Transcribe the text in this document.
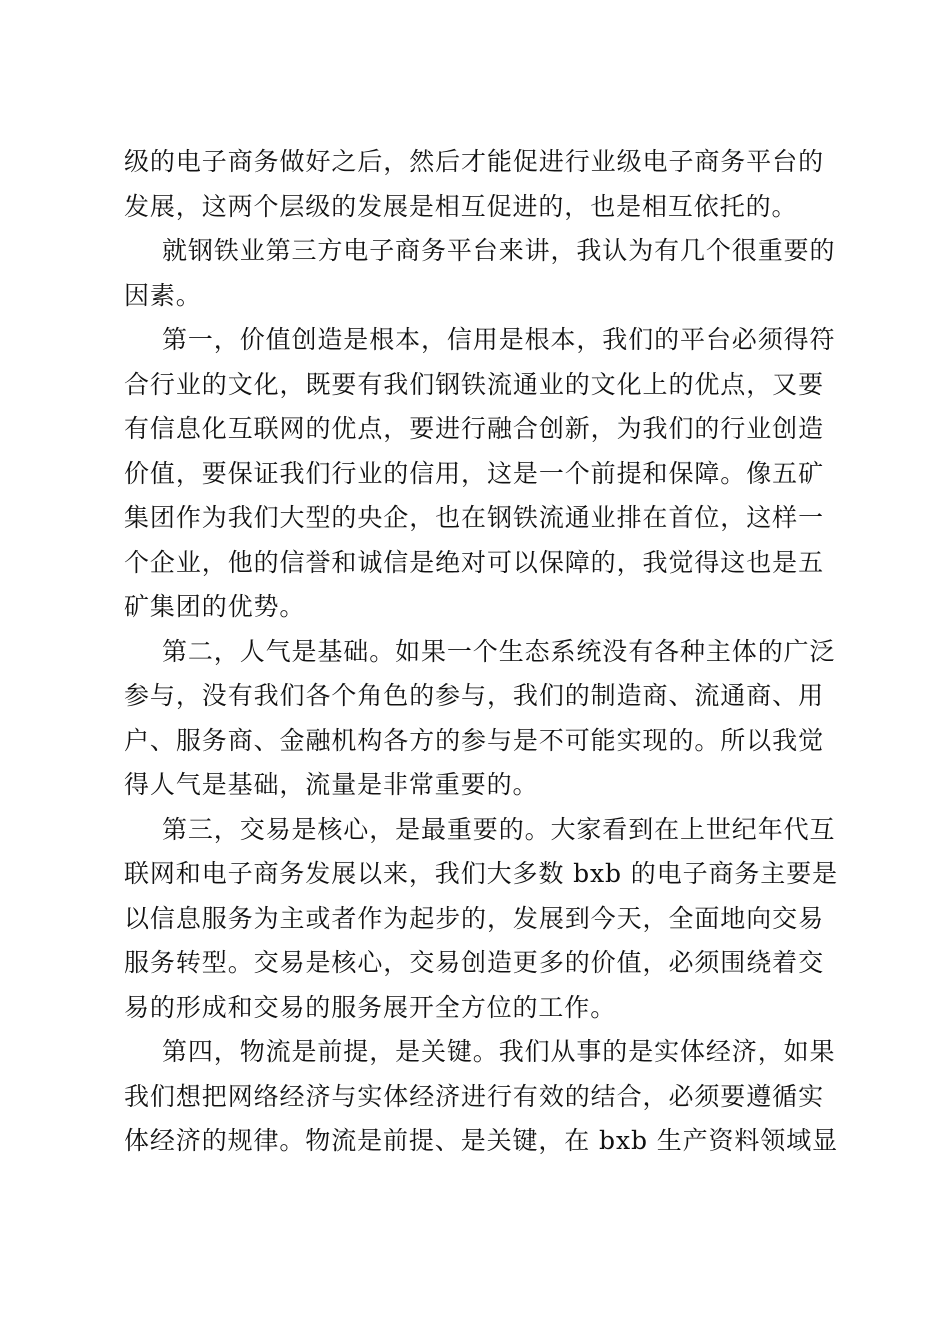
级的电子商务做好之后，然后才能促进行业级电子商务平台的
发展，这两个层级的发展是相互促进的，也是相互依托的。
就钢铁业第三方电子商务平台来讲，我认为有几个很重要的
因素。
第一，价值创造是根本，信用是根本，我们的平台必须得符
合行业的文化，既要有我们钢铁流通业的文化上的优点，又要
有信息化互联网的优点，要进行融合创新，为我们的行业创造
价值，要保证我们行业的信用，这是一个前提和保障。像五矿
集团作为我们大型的央企，也在钢铁流通业排在首位，这样一
个企业，他的信誉和诚信是绝对可以保障的，我觉得这也是五
矿集团的优势。
第二，人气是基础。如果一个生态系统没有各种主体的广泛
参与，没有我们各个角色的参与，我们的制造商、流通商、用
户、服务商、金融机构各方的参与是不可能实现的。所以我觉
得人气是基础，流量是非常重要的。
第三，交易是核心，是最重要的。大家看到在上世纪年代互
联网和电子商务发展以来，我们大多数 bxb 的电子商务主要是
以信息服务为主或者作为起步的，发展到今天，全面地向交易
服务转型。交易是核心，交易创造更多的价值，必须围绕着交
易的形成和交易的服务展开全方位的工作。
第四，物流是前提，是关键。我们从事的是实体经济，如果
我们想把网络经济与实体经济进行有效的结合，必须要遵循实
体经济的规律。物流是前提、是关键，在 bxb 生产资料领域显
